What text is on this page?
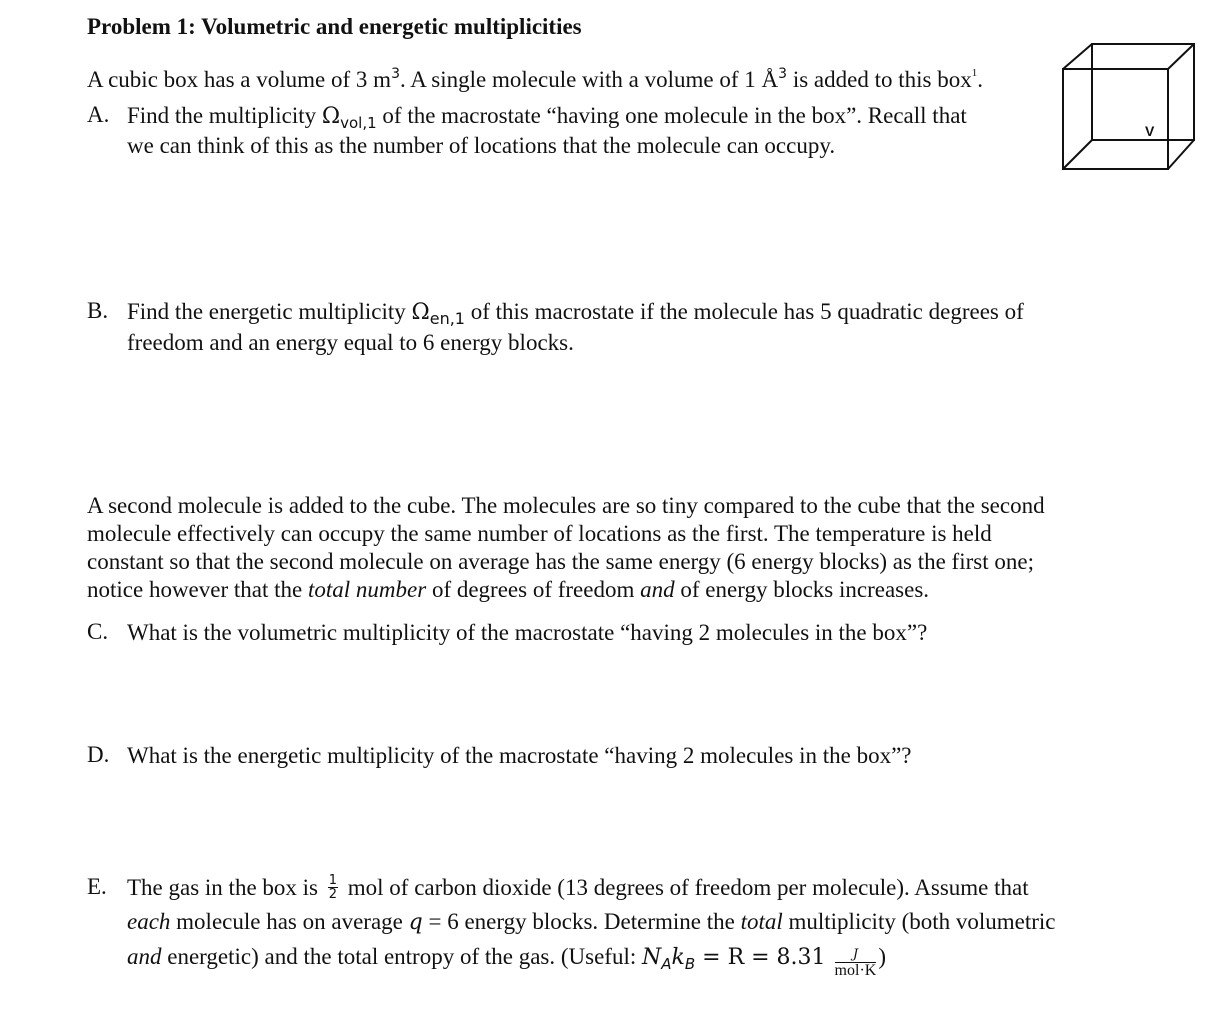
Problem 1: Volumetric and energetic multiplicities
A cubic box has a volume of 3 $m^3$. A single molecule with a volume of 1 $Å^3$ is added to this box$^1$.
V
A. Find the multiplicity $\Omega_{vol,1}$ of the macrostate “having one molecule in the box”. Recall that
we can think of this as the number of locations that the molecule can occupy.
B. Find the energetic multiplicity $\Omega_{en,1}$ of this macrostate if the molecule has 5 quadratic degrees of
freedom and an energy equal to 6 energy blocks.
A second molecule is added to the cube. The molecules are so tiny compared to the cube that the second
molecule effectively can occupy the same number of locations as the first. The temperature is held
constant so that the second molecule on average has the same energy (6 energy blocks) as the first one;
notice however that the total number of degrees of freedom and of energy blocks increases.
C. What is the volumetric multiplicity of the macrostate “having 2 molecules in the box”?
D. What is the energetic multiplicity of the macrostate “having 2 molecules in the box”?
E. The gas in the box is $\frac{1}{2}$ mol of carbon dioxide (13 degrees of freedom per molecule). Assume that
each molecule has on average q = 6 energy blocks. Determine the total multiplicity (both volumetric
and energetic) and the total entropy of the gas. (Useful: $N_Ak_B = R = 8.31 \frac{J}{\text{mol·K}}$ )
